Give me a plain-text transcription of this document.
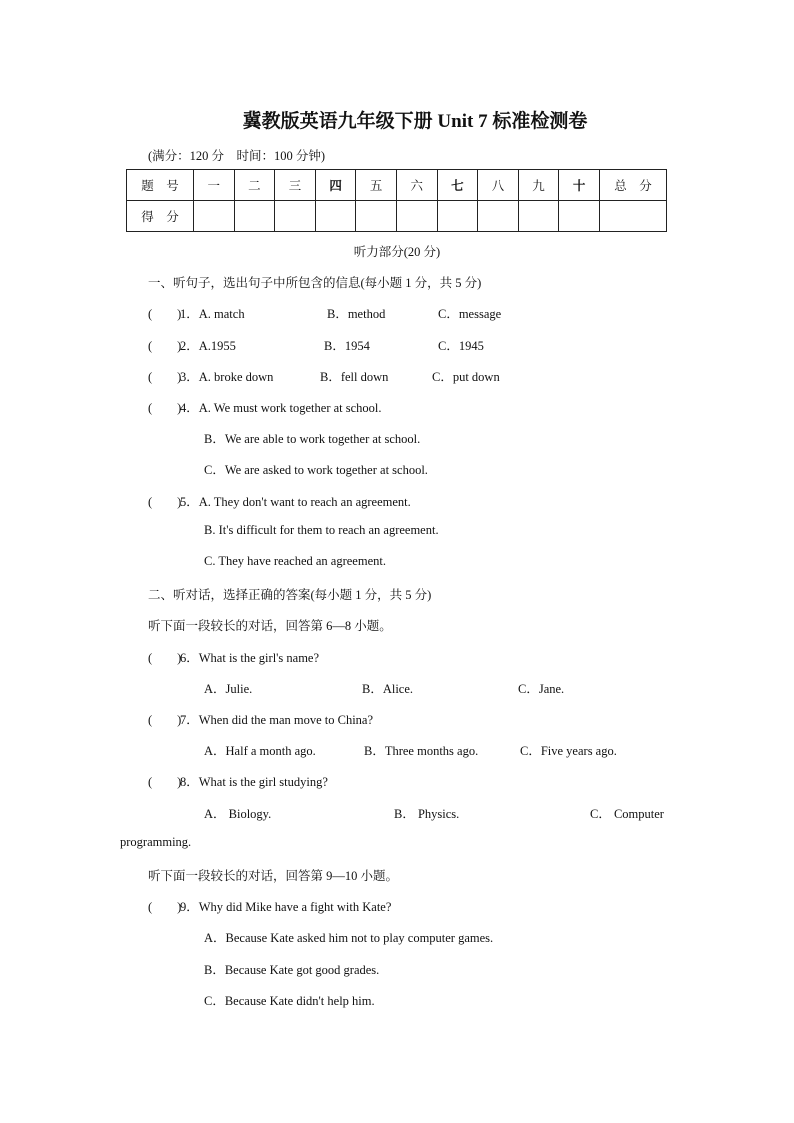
冀教版英语九年级下册 Unit 7 标准检测卷
(满分：120 分　时间：100 分钟)
题　号	一	二	三	四	五	六	七	八	九	十	总　分
得　分											
听力部分(20 分)
一、听句子，选出句子中所包含的信息(每小题 1 分，共 5 分)
(　　)
1．A. match	B．method	C．message
(　　)
2．A.1955	B．1954	C．1945
(　　)
3．A. broke down	B．fell down	C．put down
(　　)
4．A. We must work together at school.
B．We are able to work together at school.
C．We are asked to work together at school.
(　　)
5．A. They don't want to reach an agreement.
B. It's difficult for them to reach an agreement.
C. They have reached an agreement.
二、听对话，选择正确的答案(每小题 1 分，共 5 分)
听下面一段较长的对话，回答第 6—8 小题。
(　　)
6．What is the girl's name?
A．Julie.	B．Alice.	C．Jane.
(　　)
7．When did the man move to China?
A．Half a month ago.	B．Three months ago.	C．Five years ago.
(　　)
8．What is the girl studying?
A． Biology.	B． Physics.	C． Computer
programming.
听下面一段较长的对话，回答第 9—10 小题。
(　　)
9．Why did Mike have a fight with Kate?
A．Because Kate asked him not to play computer games.
B．Because Kate got good grades.
C．Because Kate didn't help him.
